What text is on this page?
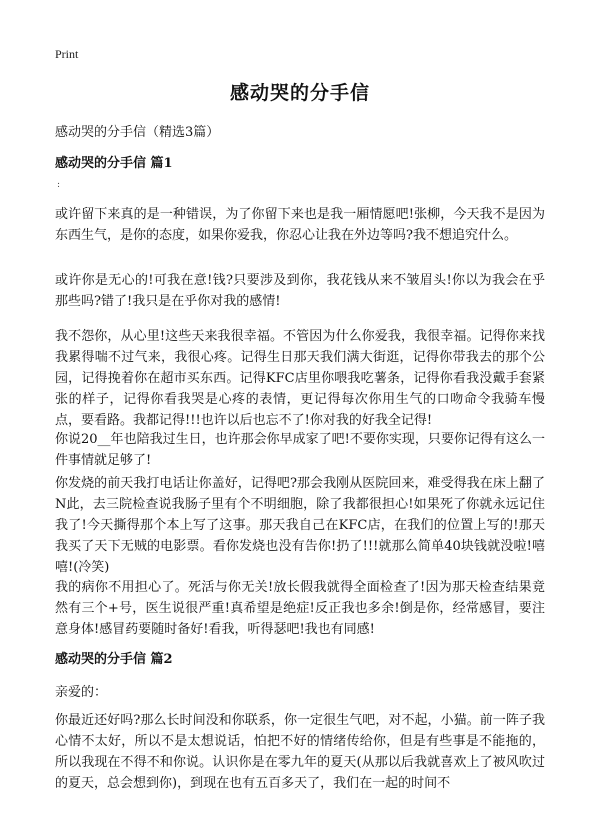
Print
感动哭的分手信
感动哭的分手信（精选3篇）
感动哭的分手信 篇1
:

或许留下来真的是一种错误，为了你留下来也是我一厢情愿吧!张柳，今天我不是因为东西生气，是你的态度，如果你爱我，你忍心让我在外边等吗?我不想追究什么。

或许你是无心的!可我在意!钱?只要涉及到你，我花钱从来不皱眉头!你以为我会在乎那些吗?错了!我只是在乎你对我的感情!

我不怨你，从心里!这些天来我很幸福。不管因为什么你爱我，我很幸福。记得你来找我累得喘不过气来，我很心疼。记得生日那天我们满大街逛，记得你带我去的那个公园，记得挽着你在超市买东西。记得KFC店里你喂我吃薯条，记得你看我没戴手套紧张的样子，记得你看我哭是心疼的表情，更记得每次你用生气的口吻命令我骑车慢点，要看路。我都记得!!!也许以后也忘不了!你对我的好我全记得!

你说20__年也陪我过生日，也许那会你早成家了吧!不要你实现，只要你记得有这么一件事情就足够了!

你发烧的前天我打电话让你盖好，记得吧?那会我刚从医院回来，难受得我在床上翻了N此，去三院检查说我肠子里有个不明细胞，除了我都很担心!如果死了你就永远记住我了!今天撕得那个本上写了这事。那天我自己在KFC店，在我们的位置上写的!那天我买了天下无贼的电影票。看你发烧也没有告你!扔了!!!就那么简单40块钱就没啦!嘻嘻!(冷笑)

我的病你不用担心了。死活与你无关!放长假我就得全面检查了!因为那天检查结果竟然有三个+号，医生说很严重!真希望是绝症!反正我也多余!倒是你，经常感冒，要注意身体!感冒药要随时备好!看我，听得瑟吧!我也有同感!

感动哭的分手信 篇2
亲爱的：

你最近还好吗?那么长时间没和你联系，你一定很生气吧，对不起，小猫。前一阵子我心情不太好，所以不是太想说话，怕把不好的情绪传给你，但是有些事是不能拖的，所以我现在不得不和你说。认识你是在零九年的夏天(从那以后我就喜欢上了被风吹过的夏天，总会想到你)，到现在也有五百多天了，我们在一起的时间不
